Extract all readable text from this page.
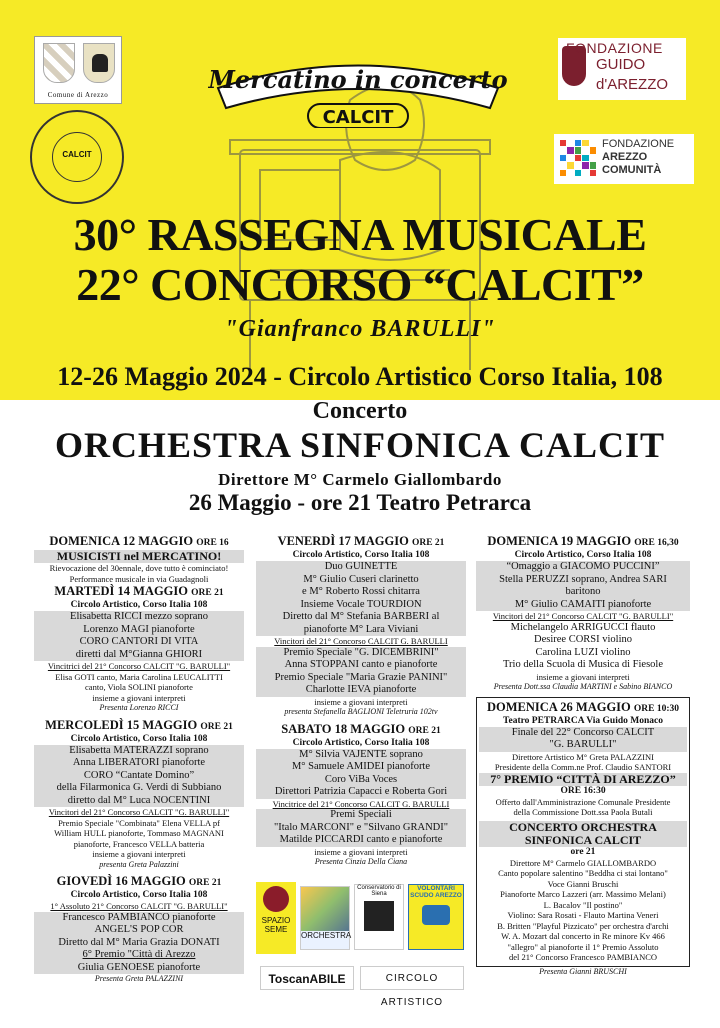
Comune di Arezzo
FONDAZIONE
GUIDO
d'AREZZO
FONDAZIONE
AREZZO
COMUNITÀ
CALCIT
Mercatino in concerto
CALCIT
30° RASSEGNA MUSICALE
22° CONCORSO “CALCIT”
"Gianfranco BARULLI"
12-26 Maggio 2024 - Circolo Artistico Corso Italia, 108
Concerto
ORCHESTRA SINFONICA CALCIT
Direttore M° Carmelo Giallombardo
26 Maggio - ore 21 Teatro Petrarca
DOMENICA 12 MAGGIO ORE 16
MUSICISTI nel MERCATINO!
Rievocazione del 30ennale, dove tutto è cominciato!
Performance musicale in via Guadagnoli
MARTEDÌ 14 MAGGIO ORE 21
Circolo Artistico, Corso Italia 108
Elisabetta RICCI mezzo soprano
Lorenzo MAGI pianoforte
CORO CANTORI DI VITA
diretti dal M°Gianna GHIORI
Vincitrici del 21° Concorso CALCIT "G. BARULLI"
Elisa GOTI canto, Maria Carolina LEUCALITTI
canto, Viola SOLINI pianoforte
insieme a giovani interpreti
Presenta Lorenzo RICCI
MERCOLEDÌ 15 MAGGIO ORE 21
Circolo Artistico, Corso Italia 108
Elisabetta MATERAZZI soprano
Anna LIBERATORI pianoforte
CORO “Cantate Domino”
della Filarmonica G. Verdi di Subbiano
diretto dal M° Luca NOCENTINI
Vincitori del 21° Concorso CALCIT "G. BARULLI"
Premio Speciale "Combinata" Elena VELLA pf
William HULL pianoforte, Tommaso MAGNANI
pianoforte, Francesco VELLA batteria
insieme a giovani interpreti
presenta Greta Palazzini
GIOVEDÌ 16 MAGGIO ORE 21
Circolo Artistico, Corso Italia 108
1° Assoluto 21° Concorso CALCIT "G. BARULLI"
Francesco PAMBIANCO pianoforte
ANGEL'S POP COR
Diretto dal M° Maria Grazia DONATI
6° Premio "Città di Arezzo
Giulia GENOESE pianoforte
Presenta Greta PALAZZINI
VENERDÌ 17 MAGGIO ORE 21
Circolo Artistico, Corso Italia 108
Duo GUINETTE
M° Giulio Cuseri clarinetto
e M° Roberto Rossi chitarra
Insieme Vocale TOURDION
Diretto dal M° Stefania BARBERI al
pianoforte M° Lara Viviani
Vincitori del 21° Concorso CALCIT G. BARULLI
Premio Speciale "G. DICEMBRINI"
Anna STOPPANI canto e pianoforte
Premio Speciale "Maria Grazie PANINI"
Charlotte IEVA pianoforte
insieme a giovani interpreti
presenta Stefanella BAGLIONI Teletruria 102tv
SABATO 18 MAGGIO ORE 21
Circolo Artistico, Corso Italia 108
M° Silvia VAJENTE soprano
M° Samuele AMIDEI pianoforte
Coro ViBa Voces
Direttori Patrizia Capacci e Roberta Gori
Vincitrice del 21° Concorso CALCIT G. BARULLI
Premi Speciali
"Italo MARCONI" e "Silvano GRANDI"
Matilde PICCARDI canto e pianoforte
insieme a giovani interpreti
Presenta Cinzia Della Ciana
SPAZIO SEME
ORCHESTRA
Conservatorio di Siena
VOLONTARI SCUDO AREZZO
ToscanABILE	CIRCOLO ARTISTICO
DOMENICA 19 MAGGIO ORE 16,30
Circolo Artistico, Corso Italia 108
“Omaggio a GIACOMO PUCCINI”
Stella PERUZZI soprano, Andrea SARI
baritono
M° Giulio CAMAITI pianoforte
Vincitori del 21° Concorso CALCIT "G. BARULLI"
Michelangelo ARRIGUCCI flauto
Desiree CORSI violino
Carolina LUZI violino
Trio della Scuola di Musica di Fiesole
insieme a giovani interpreti
Presenta Dott.ssa Claudia MARTINI e Sabino BIANCO
DOMENICA 26 MAGGIO ORE 10:30
Teatro PETRARCA Via Guido Monaco
Finale del 22° Concorso CALCIT
"G. BARULLI"
Direttore Artistico M° Greta PALAZZINI
Presidente della Comm.ne Prof. Claudio SANTORI
7° PREMIO “CITTÀ DI AREZZO”
ORE 16:30
Offerto dall'Amministrazione Comunale Presidente
della Commissione Dott.ssa Paola Butali
CONCERTO ORCHESTRA
SINFONICA CALCIT
ore 21
Direttore M° Carmelo GIALLOMBARDO
Canto popolare salentino "Beddha ci stai lontano"
Voce Gianni Bruschi
Pianoforte Marco Lazzeri (arr. Massimo Melani)
L. Bacalov "Il postino"
Violino: Sara Rosati - Flauto Martina Veneri
B. Britten "Playful Pizzicato" per orchestra d'archi
W. A. Mozart dal concerto in Re minore Kv 466
"allegro" al pianoforte il 1° Premio Assoluto
del 21° Concorso Francesco PAMBIANCO
Presenta Gianni BRUSCHI
